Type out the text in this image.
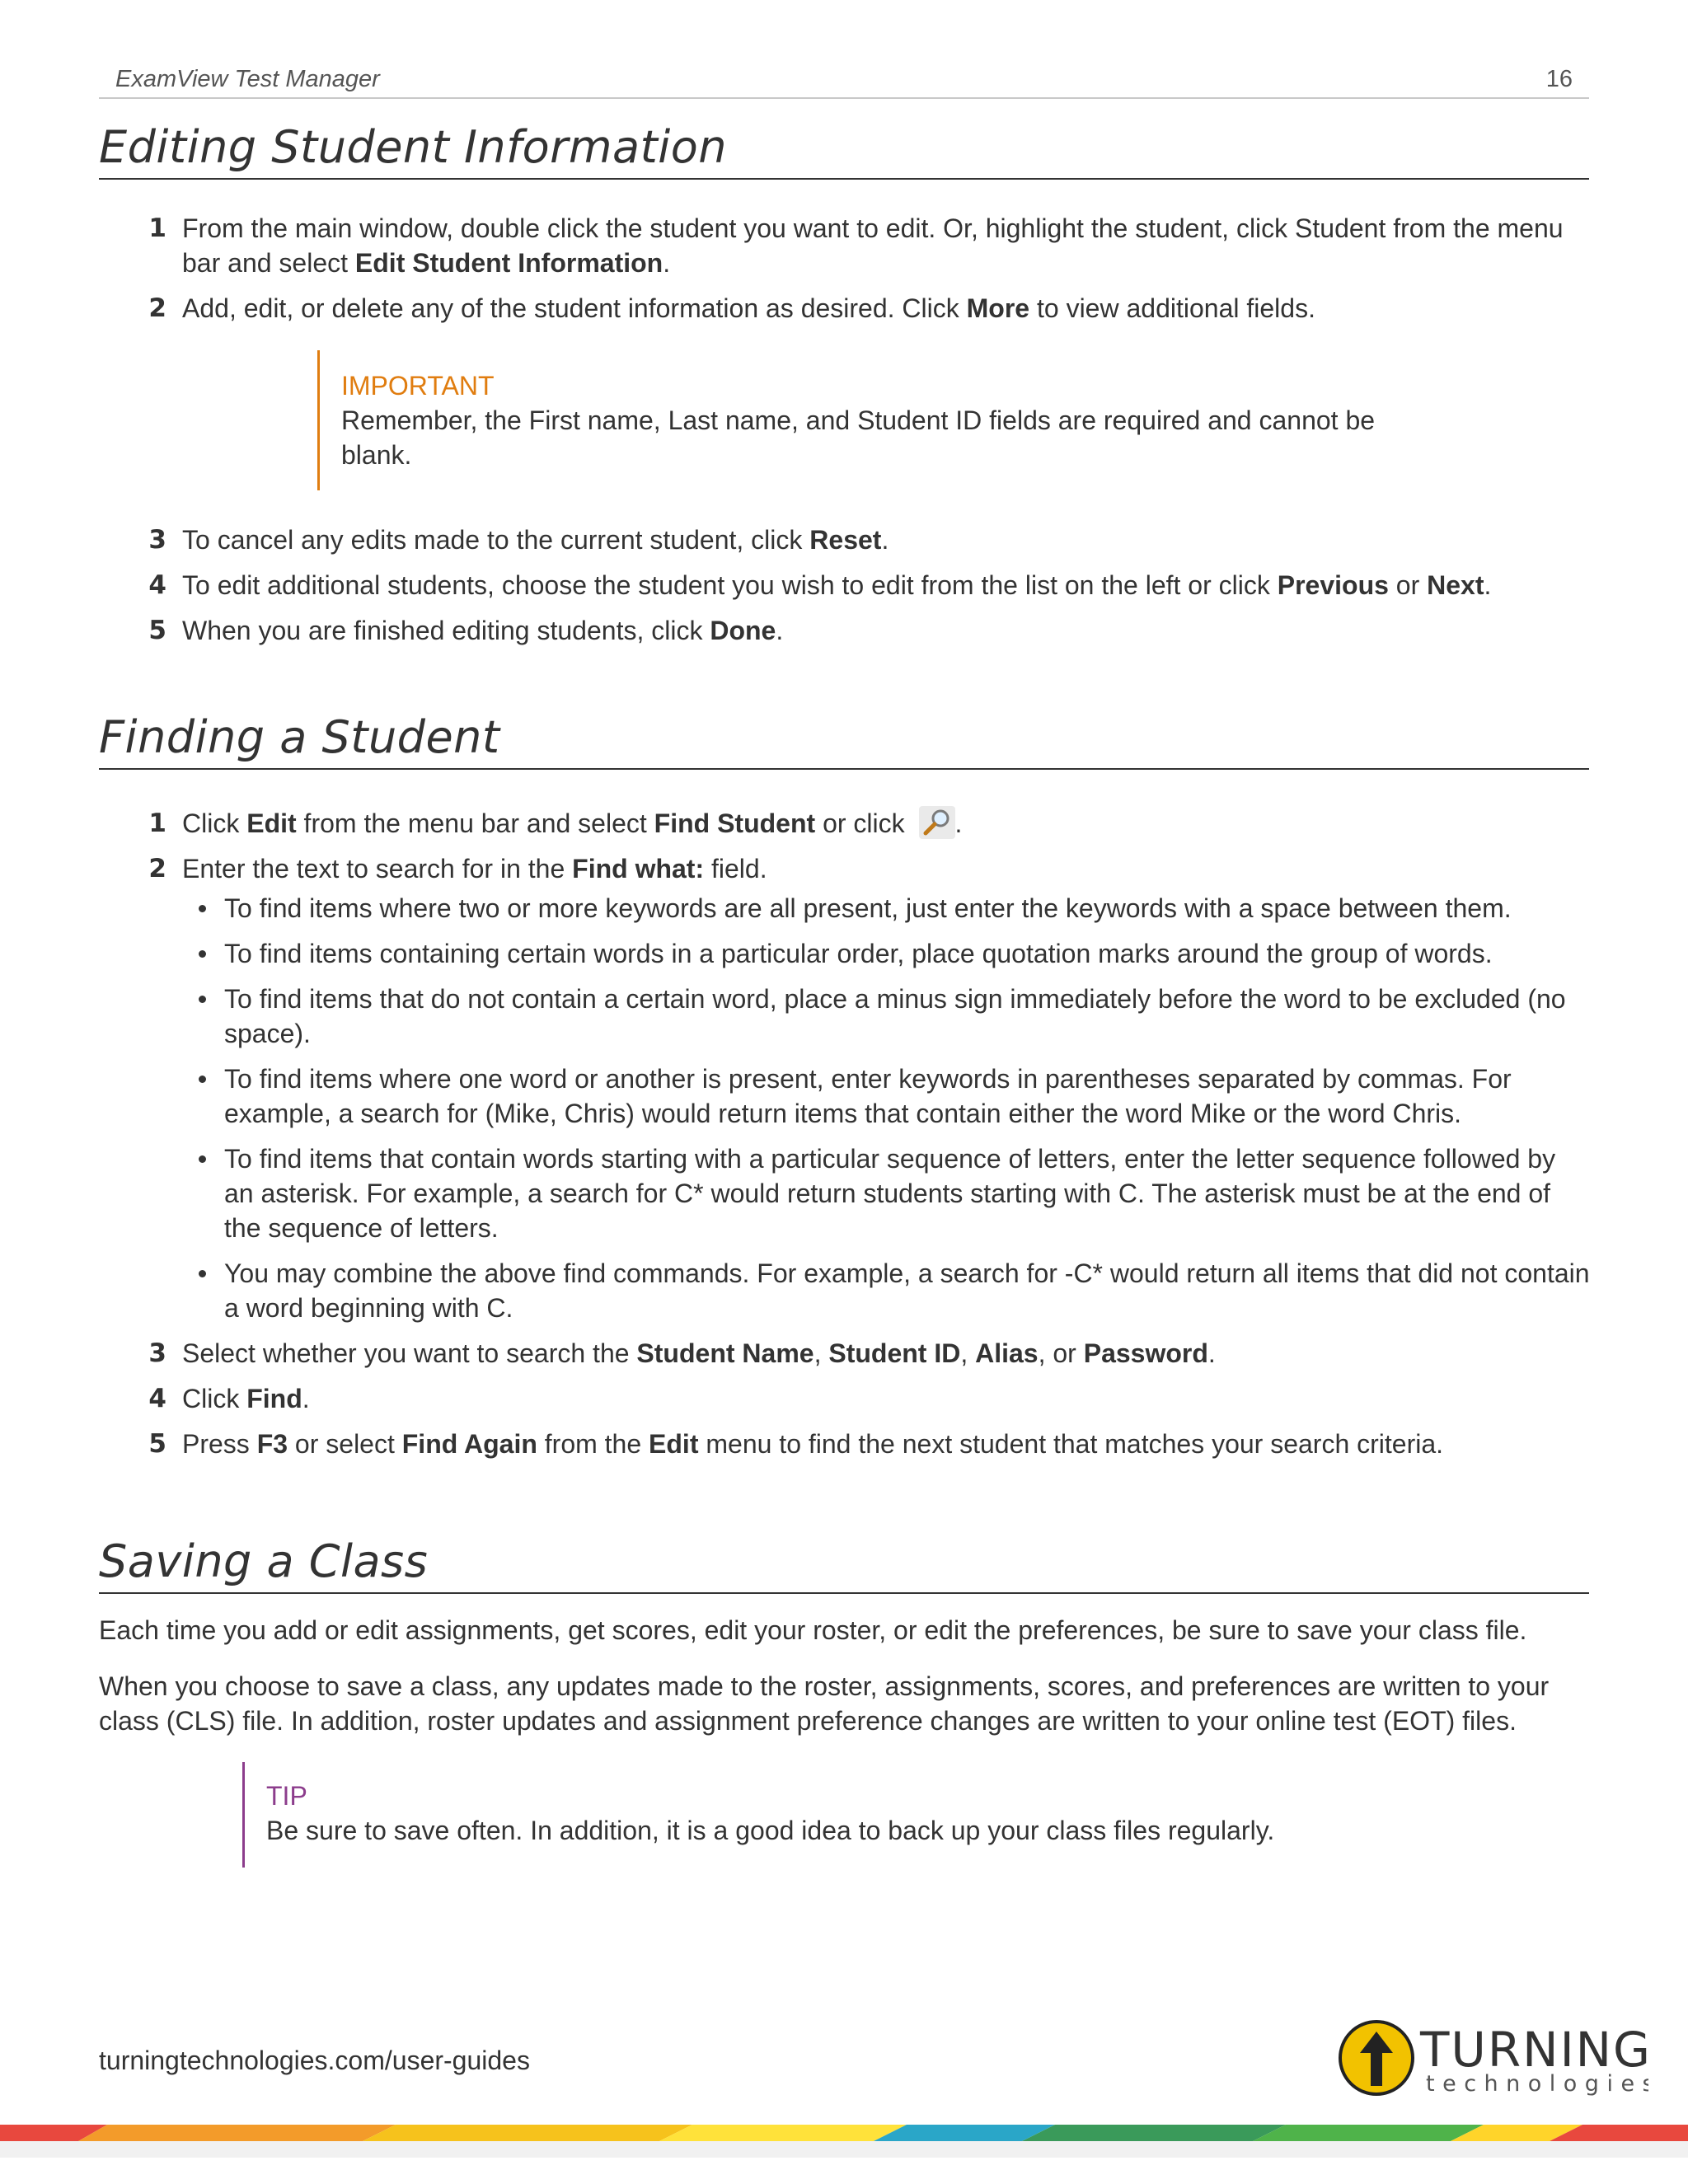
ExamView Test Manager	16
Editing Student Information
1 From the main window, double click the student you want to edit. Or, highlight the student, click Student from the menu bar and select Edit Student Information.
2 Add, edit, or delete any of the student information as desired. Click More to view additional fields.
IMPORTANT
Remember, the First name, Last name, and Student ID fields are required and cannot be blank.
3 To cancel any edits made to the current student, click Reset.
4 To edit additional students, choose the student you wish to edit from the list on the left or click Previous or Next.
5 When you are finished editing students, click Done.
Finding a Student
1 Click Edit from the menu bar and select Find Student or click .
2 Enter the text to search for in the Find what: field.
To find items where two or more keywords are all present, just enter the keywords with a space between them.
To find items containing certain words in a particular order, place quotation marks around the group of words.
To find items that do not contain a certain word, place a minus sign immediately before the word to be excluded (no space).
To find items where one word or another is present, enter keywords in parentheses separated by commas. For example, a search for (Mike, Chris) would return items that contain either the word Mike or the word Chris.
To find items that contain words starting with a particular sequence of letters, enter the letter sequence followed by an asterisk. For example, a search for C* would return students starting with C. The asterisk must be at the end of the sequence of letters.
You may combine the above find commands. For example, a search for -C* would return all items that did not contain a word beginning with C.
3 Select whether you want to search the Student Name, Student ID, Alias, or Password.
4 Click Find.
5 Press F3 or select Find Again from the Edit menu to find the next student that matches your search criteria.
Saving a Class

Each time you add or edit assignments, get scores, edit your roster, or edit the preferences, be sure to save your class file.

When you choose to save a class, any updates made to the roster, assignments, scores, and preferences are written to your class (CLS) file. In addition, roster updates and assignment preference changes are written to your online test (EOT) files.

TIP
Be sure to save often. In addition, it is a good idea to back up your class files regularly.
turningtechnologies.com/user-guides	TURNING
technologies
